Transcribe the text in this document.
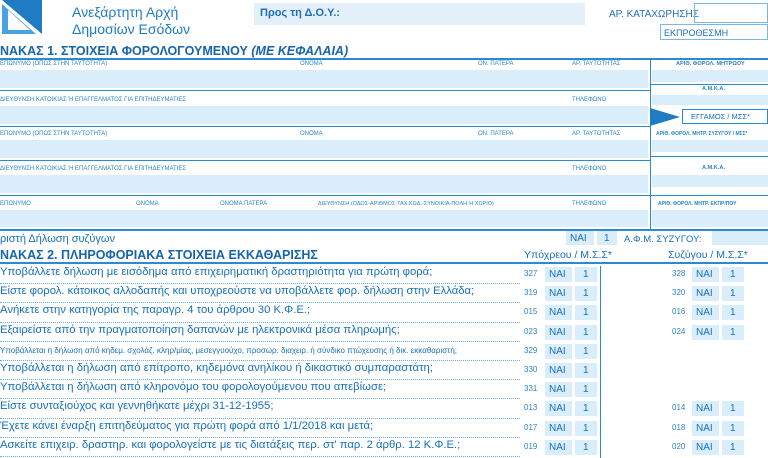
Ανεξάρτητη Αρχή
Δημοσίων Εσόδων
Προς τη Δ.Ο.Υ.:	ΑΡ. ΚΑΤΑΧΩΡΗΣΗΣ
ΕΚΠΡΟΘΕΣΜΗ
ΝΑΚΑΣ 1. ΣΤΟΙΧΕΙΑ ΦΟΡΟΛΟΓΟΥΜΕΝΟΥ (ΜΕ ΚΕΦΑΛΑΙΑ)
ΕΠΩΝΥΜΟ (ΟΠΩΣ ΣΤΗΝ ΤΑΥΤΟΤΗΤΑ)	ΟΝΟΜΑ	ΟΝ. ΠΑΤΕΡΑ	ΑΡ. ΤΑΥΤΟΤΗΤΑΣ	ΑΡΙΘ. ΦΟΡΟΛ. ΜΗΤΡΩΟΥ
Α.Μ.Κ.Α.
ΔΙΕΥΘΥΝΣΗ ΚΑΤΟΙΚΙΑΣ Ή ΕΠΑΓΓΕΛΜΑΤΟΣ ΓΙΑ ΕΠΙΤΗΔΕΥΜΑΤΙΕΣ	ΤΗΛΕΦΩΝΟ
ΕΓΓΑΜΟΣ / ΜΣΣ*
ΕΠΩΝΥΜΟ (ΟΠΩΣ ΣΤΗΝ ΤΑΥΤΟΤΗΤΑ)	ΟΝΟΜΑ	ΟΝ. ΠΑΤΕΡΑ	ΑΡ. ΤΑΥΤΟΤΗΤΑΣ	ΑΡΙΘ. ΦΟΡΟΛ. ΜΗΤΡ. ΣΥΖΥΓΟΥ / ΜΣΣ*
Α.Μ.Κ.Α.
ΔΙΕΥΘΥΝΣΗ ΚΑΤΟΙΚΙΑΣ Ή ΕΠΑΓΓΕΛΜΑΤΟΣ ΓΙΑ ΕΠΙΤΗΔΕΥΜΑΤΙΕΣ	ΤΗΛΕΦΩΝΟ
ΕΠΩΝΥΜΟ	ΟΝΟΜΑ	ΟΝΟΜΑ ΠΑΤΕΡΑ	ΔΙΕΥΘΥΝΣΗ (ΟΔΟΣ-ΑΡΙΘΜΟΣ-ΤΑΧ.ΚΩΔ.-ΣΥΝΟΙΚΙΑ-ΠΟΛΗ Ή ΧΩΡΙΟ)	ΤΗΛΕΦΩΝΟ	ΑΡΙΘ. ΦΟΡΟΛ. ΜΗΤΡ. ΕΚΠΡ/ΠΟΥ
ριστή Δήλωση συζύγων	ΝΑΙ 1 Α.Φ.Μ. ΣΥΖΥΓΟΥ:
ΝΑΚΑΣ 2. ΠΛΗΡΟΦΟΡΙΑΚΑ ΣΤΟΙΧΕΙΑ ΕΚΚΑΘΑΡΙΣΗΣ	Υπόχρεου / Μ.Σ.Σ*	Συζύγου / Μ.Σ.Σ*
Υποβάλλετε δήλωση με εισόδημα από επιχειρηματική δραστηριότητα για πρώτη φορά;	327 ΝΑΙ 1	328 ΝΑΙ 1
Είστε φορολ. κάτοικος αλλοδαπής και υποχρεούστε να υποβάλλετε φορ. δήλωση στην Ελλάδα;	319 ΝΑΙ 1	320 ΝΑΙ 1
Ανήκετε στην κατηγορία της παραγρ. 4 του άρθρου 30 Κ.Φ.Ε.;	015 ΝΑΙ 1	016 ΝΑΙ 1
Εξαιρείστε από την πραγματοποίηση δαπανών με ηλεκτρονικά μέσα πληρωμής;	023 ΝΑΙ 1	024 ΝΑΙ 1
Υποβάλλεται η δήλωση από κηδεμ. σχολάζ. κληρ/μίας, μεσεγγυούχο, προσωρ. διαχειρ. ή σύνδικο πτώχευσης ή δικ. εκκαθαριστή;	329 ΝΑΙ 1
Υποβάλλεται η δήλωση από επίτροπο, κηδεμόνα ανηλίκου ή δικαστικό συμπαραστάτη;	330 ΝΑΙ 1
Υποβάλλεται η δήλωση από κληρονόμο του φορολογούμενου που απεβίωσε;	331 ΝΑΙ 1
Είστε συνταξιούχος και γεννηθήκατε μέχρι 31-12-1955;	013 ΝΑΙ 1	014 ΝΑΙ 1
Έχετε κάνει έναρξη επιτηδεύματος για πρώτη φορά από 1/1/2018 και μετά;	017 ΝΑΙ 1	018 ΝΑΙ 1
Ασκείτε επιχειρ. δραστηρ. και φορολογείστε με τις διατάξεις περ. στ' παρ. 2 άρθρ. 12 Κ.Φ.Ε.;	019 ΝΑΙ 1	020 ΝΑΙ 1
